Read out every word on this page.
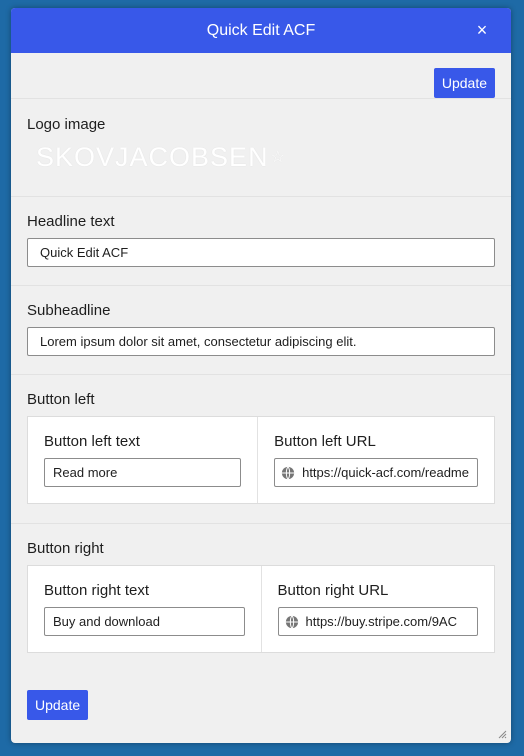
Quick Edit ACF	×
Update
Logo image
SKOVJACOBSEN ☆
Headline text
Quick Edit ACF
Subheadline
Lorem ipsum dolor sit amet, consectetur adipiscing elit.
Button left
Button left text
Read more
Button left URL
https://quick-acf.com/readme
Button right
Button right text
Buy and download
Button right URL
https://buy.stripe.com/9AC
Update
